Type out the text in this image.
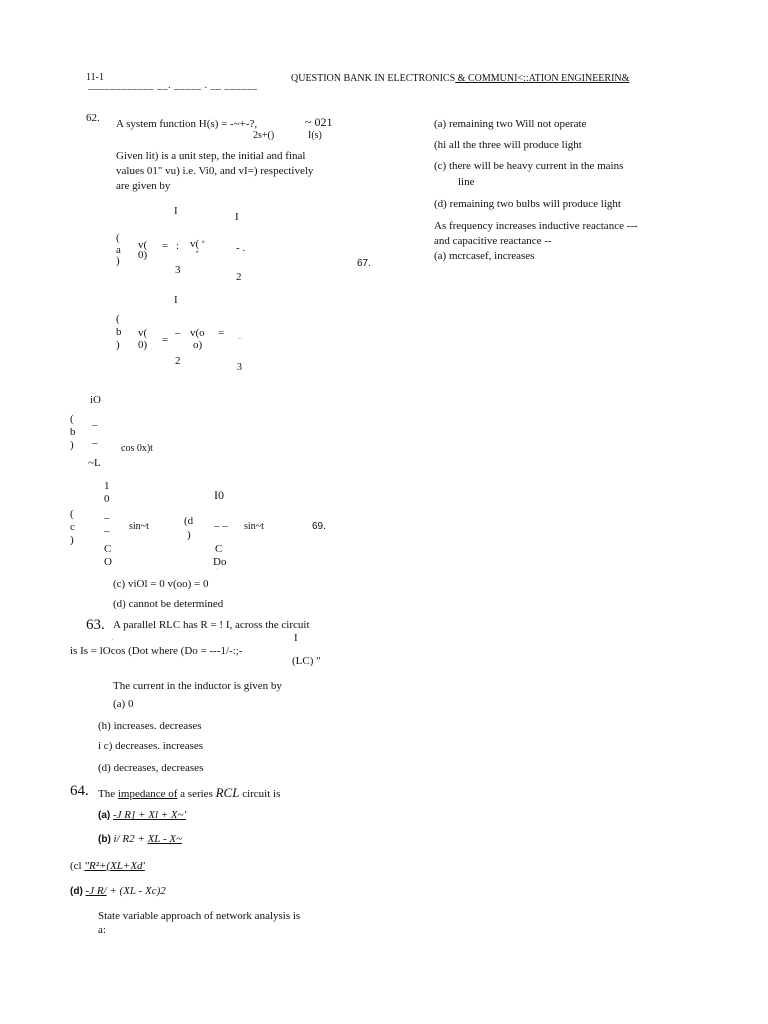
11-1
____________ __. _____ . __ ______
QUESTION BANK IN ELECTRONICS & COMMUNI<::ATION ENGINEERIN&
62. A system function H(s) = -~+-?,	~ 021
2s+()	I(s)
Given lit) is a unit step, the initial and final
values 01" vu) i.e. Vi0, and vI=) respectively
are given by
I	I
(
a
)
v(
0)
= : v( o
o	- .
3
2
I
(
b
)
v(
0) =
– v(o
o)
=	...
2
3
iO
(
b
)
–
– cos 0x)t
~L
1
0	I0
(
c
)
–
– sin~t	(d
)
– – sin~t
C
O
C
Do
'
(c) viOl = 0 v(oo) = 0
(d) cannot be determined
63. A parallel RLC has R = ! I, across the circuit
.	I
is Is = lOcos (Dot where (Do = ---1/-:;-
(LC) "
The current in the inductor is given by
(a) 0
(h) increases. decreases
i c) decreases. increases
(d) decreases, decreases
64. The impedance of a series RCL circuit is
(a) -J R] + Xl + X~'
(b) i/ R2 + XL - X~
(cl "R²+(XL+Xd'
(d) -J R/ + (XL - Xc)2
State variable approach of network analysis is
a:
(a) remaining two Will not operate
(hi all the three will produce light
(c) there will be heavy current in the mains
line
(d) remaining two bulbs will produce light
As frequency increases inductive reactance ---
and capacitive reactance --
(a) mcrcasef, increases
67.
69.
